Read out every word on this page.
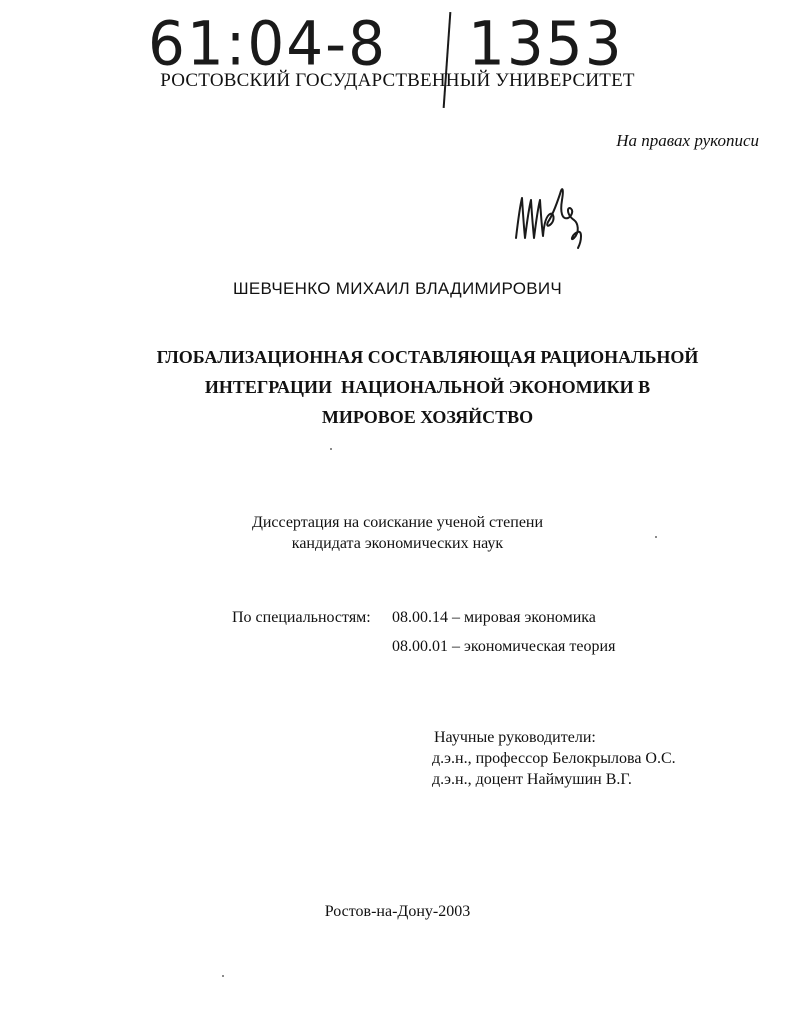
61:04-8 1353
РОСТОВСКИЙ ГОСУДАРСТВЕННЫЙ УНИВЕРСИТЕТ
На правах рукописи
ШЕВЧЕНКО МИХАИЛ ВЛАДИМИРОВИЧ
ГЛОБАЛИЗАЦИОННАЯ СОСТАВЛЯЮЩАЯ РАЦИОНАЛЬНОЙ
ИНТЕГРАЦИИ  НАЦИОНАЛЬНОЙ ЭКОНОМИКИ В
МИРОВОЕ ХОЗЯЙСТВО
Диссертация на соискание ученой степени
кандидата экономических наук
По специальностям: 08.00.14 – мировая экономика
08.00.01 – экономическая теория
Научные руководители:
д.э.н., профессор Белокрылова О.С.
д.э.н., доцент Наймушин В.Г.
Ростов-на-Дону-2003
